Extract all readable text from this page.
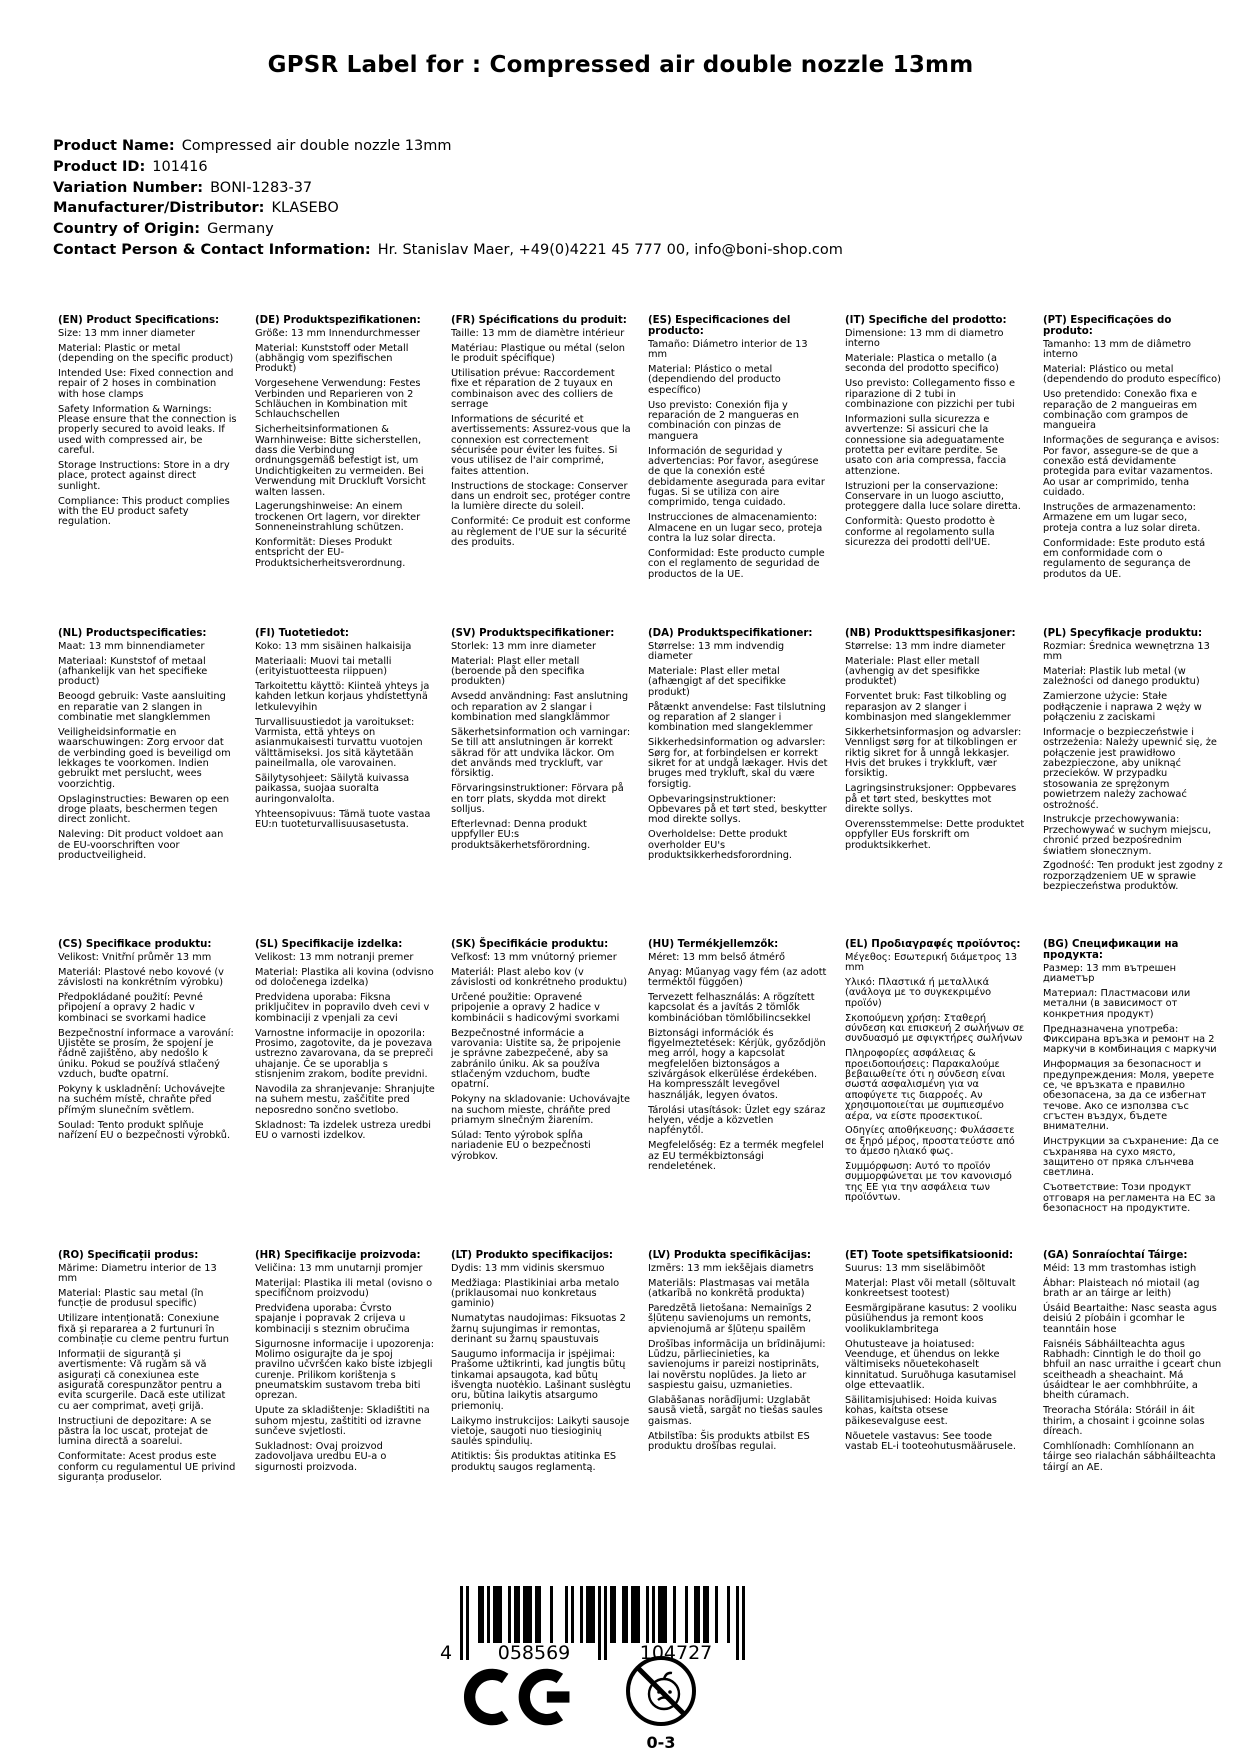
GPSR Label for : Compressed air double nozzle 13mm
Product Name: Compressed air double nozzle 13mm
Product ID: 101416
Variation Number: BONI-1283-37
Manufacturer/Distributor: KLASEBO
Country of Origin: Germany
Contact Person & Contact Information: Hr. Stanislav Maer, +49(0)4221 45 777 00, info@boni-shop.com
(EN) Product Specifications:
Size: 13 mm inner diameter
Material: Plastic or metal (depending on the specific product)
Intended Use: Fixed connection and repair of 2 hoses in combination with hose clamps
Safety Information & Warnings: Please ensure that the connection is properly secured to avoid leaks. If used with compressed air, be careful.
Storage Instructions: Store in a dry place, protect against direct sunlight.
Compliance: This product complies with the EU product safety regulation.
(DE) Produktspezifikationen:
Größe: 13 mm Innendurchmesser
Material: Kunststoff oder Metall (abhängig vom spezifischen Produkt)
Vorgesehene Verwendung: Festes Verbinden und Reparieren von 2 Schläuchen in Kombination mit Schlauchschellen
Sicherheitsinformationen & Warnhinweise: Bitte sicherstellen, dass die Verbindung ordnungsgemäß befestigt ist, um Undichtigkeiten zu vermeiden. Bei Verwendung mit Druckluft Vorsicht walten lassen.
Lagerungshinweise: An einem trockenen Ort lagern, vor direkter Sonneneinstrahlung schützen.
Konformität: Dieses Produkt entspricht der EU-Produktsicherheitsverordnung.
(FR) Spécifications du produit:
Taille: 13 mm de diamètre intérieur
Matériau: Plastique ou métal (selon le produit spécifique)
Utilisation prévue: Raccordement fixe et réparation de 2 tuyaux en combinaison avec des colliers de serrage
Informations de sécurité et avertissements: Assurez-vous que la connexion est correctement sécurisée pour éviter les fuites. Si vous utilisez de l'air comprimé, faites attention.
Instructions de stockage: Conserver dans un endroit sec, protéger contre la lumière directe du soleil.
Conformité: Ce produit est conforme au règlement de l'UE sur la sécurité des produits.
(ES) Especificaciones del producto:
Tamaño: Diámetro interior de 13 mm
Material: Plástico o metal (dependiendo del producto específico)
Uso previsto: Conexión fija y reparación de 2 mangueras en combinación con pinzas de manguera
Información de seguridad y advertencias: Por favor, asegúrese de que la conexión esté debidamente asegurada para evitar fugas. Si se utiliza con aire comprimido, tenga cuidado.
Instrucciones de almacenamiento: Almacene en un lugar seco, proteja contra la luz solar directa.
Conformidad: Este producto cumple con el reglamento de seguridad de productos de la UE.
(IT) Specifiche del prodotto:
Dimensione: 13 mm di diametro interno
Materiale: Plastica o metallo (a seconda del prodotto specifico)
Uso previsto: Collegamento fisso e riparazione di 2 tubi in combinazione con pizzichi per tubi
Informazioni sulla sicurezza e avvertenze: Si assicuri che la connessione sia adeguatamente protetta per evitare perdite. Se usato con aria compressa, faccia attenzione.
Istruzioni per la conservazione: Conservare in un luogo asciutto, proteggere dalla luce solare diretta.
Conformità: Questo prodotto è conforme al regolamento sulla sicurezza dei prodotti dell'UE.
(PT) Especificações do produto:
Tamanho: 13 mm de diâmetro interno
Material: Plástico ou metal (dependendo do produto específico)
Uso pretendido: Conexão fixa e reparação de 2 mangueiras em combinação com grampos de mangueira
Informações de segurança e avisos: Por favor, assegure-se de que a conexão está devidamente protegida para evitar vazamentos. Ao usar ar comprimido, tenha cuidado.
Instruções de armazenamento: Armazene em um lugar seco, proteja contra a luz solar direta.
Conformidade: Este produto está em conformidade com o regulamento de segurança de produtos da UE.
(NL) Productspecificaties:
Maat: 13 mm binnendiameter
Materiaal: Kunststof of metaal (afhankelijk van het specifieke product)
Beoogd gebruik: Vaste aansluiting en reparatie van 2 slangen in combinatie met slangklemmen
Veiligheidsinformatie en waarschuwingen: Zorg ervoor dat de verbinding goed is beveiligd om lekkages te voorkomen. Indien gebruikt met perslucht, wees voorzichtig.
Opslaginstructies: Bewaren op een droge plaats, beschermen tegen direct zonlicht.
Naleving: Dit product voldoet aan de EU-voorschriften voor productveiligheid.
(FI) Tuotetiedot:
Koko: 13 mm sisäinen halkaisija
Materiaali: Muovi tai metalli (erityistuotteesta riippuen)
Tarkoitettu käyttö: Kiinteä yhteys ja kahden letkun korjaus yhdistettynä letkulevyihin
Turvallisuustiedot ja varoitukset: Varmista, että yhteys on asianmukaisesti turvattu vuotojen välttämiseksi. Jos sitä käytetään paineilmalla, ole varovainen.
Säilytysohjeet: Säilytä kuivassa paikassa, suojaa suoralta auringonvalolta.
Yhteensopivuus: Tämä tuote vastaa EU:n tuoteturvallisuusasetusta.
(SV) Produktspecifikationer:
Storlek: 13 mm inre diameter
Material: Plast eller metall (beroende på den specifika produkten)
Avsedd användning: Fast anslutning och reparation av 2 slangar i kombination med slangklämmor
Säkerhetsinformation och varningar: Se till att anslutningen är korrekt säkrad för att undvika läckor. Om det används med tryckluft, var försiktig.
Förvaringsinstruktioner: Förvara på en torr plats, skydda mot direkt solljus.
Efterlevnad: Denna produkt uppfyller EU:s produktsäkerhetsförordning.
(DA) Produktspecifikationer:
Størrelse: 13 mm indvendig diameter
Materiale: Plast eller metal (afhængigt af det specifikke produkt)
Påtænkt anvendelse: Fast tilslutning og reparation af 2 slanger i kombination med slangeklemmer
Sikkerhedsinformation og advarsler: Sørg for, at forbindelsen er korrekt sikret for at undgå lækager. Hvis det bruges med trykluft, skal du være forsigtig.
Opbevaringsinstruktioner: Opbevares på et tørt sted, beskytter mod direkte sollys.
Overholdelse: Dette produkt overholder EU's produktsikkerhedsforordning.
(NB) Produkttspesifikasjoner:
Størrelse: 13 mm indre diameter
Materiale: Plast eller metall (avhengig av det spesifikke produktet)
Forventet bruk: Fast tilkobling og reparasjon av 2 slanger i kombinasjon med slangeklemmer
Sikkerhetsinformasjon og advarsler: Vennligst sørg for at tilkoblingen er riktig sikret for å unngå lekkasjer. Hvis det brukes i trykkluft, vær forsiktig.
Lagringsinstruksjoner: Oppbevares på et tørt sted, beskyttes mot direkte sollys.
Overensstemmelse: Dette produktet oppfyller EUs forskrift om produktsikkerhet.
(PL) Specyfikacje produktu:
Rozmiar: Średnica wewnętrzna 13 mm
Materiał: Plastik lub metal (w zależności od danego produktu)
Zamierzone użycie: Stałe podłączenie i naprawa 2 węży w połączeniu z zaciskami
Informacje o bezpieczeństwie i ostrzeżenia: Należy upewnić się, że połączenie jest prawidłowo zabezpieczone, aby uniknąć przecieków. W przypadku stosowania ze sprężonym powietrzem należy zachować ostrożność.
Instrukcje przechowywania: Przechowywać w suchym miejscu, chronić przed bezpośrednim światłem słonecznym.
Zgodność: Ten produkt jest zgodny z rozporządzeniem UE w sprawie bezpieczeństwa produktów.
(CS) Specifikace produktu:
Velikost: Vnitřní průměr 13 mm
Materiál: Plastové nebo kovové (v závislosti na konkrétním výrobku)
Předpokládané použití: Pevné připojení a opravy 2 hadic v kombinaci se svorkami hadice
Bezpečnostní informace a varování: Ujistěte se prosím, že spojení je řádně zajištěno, aby nedošlo k úniku. Pokud se používá stlačený vzduch, buďte opatrní.
Pokyny k uskladnění: Uchovávejte na suchém místě, chraňte před přímým slunečním světlem.
Soulad: Tento produkt splňuje nařízení EU o bezpečnosti výrobků.
(SL) Specifikacije izdelka:
Velikost: 13 mm notranji premer
Material: Plastika ali kovina (odvisno od določenega izdelka)
Predvidena uporaba: Fiksna priključitev in popravilo dveh cevi v kombinaciji z vpenjali za cevi
Varnostne informacije in opozorila: Prosimo, zagotovite, da je povezava ustrezno zavarovana, da se prepreči uhajanje. Če se uporablja s stisnjenim zrakom, bodite previdni.
Navodila za shranjevanje: Shranjujte na suhem mestu, zaščitite pred neposredno sončno svetlobo.
Skladnost: Ta izdelek ustreza uredbi EU o varnosti izdelkov.
(SK) Špecifikácie produktu:
Veľkosť: 13 mm vnútorný priemer
Materiál: Plast alebo kov (v závislosti od konkrétneho produktu)
Určené použitie: Opravené pripojenie a opravy 2 hadice v kombinácii s hadicovými svorkami
Bezpečnostné informácie a varovania: Uistite sa, že pripojenie je správne zabezpečené, aby sa zabránilo úniku. Ak sa používa stlačeným vzduchom, buďte opatrní.
Pokyny na skladovanie: Uchovávajte na suchom mieste, chráňte pred priamym slnečným žiarením.
Súlad: Tento výrobok spĺňa nariadenie EÚ o bezpečnosti výrobkov.
(HU) Termékjellemzők:
Méret: 13 mm belső átmérő
Anyag: Műanyag vagy fém (az adott terméktől függően)
Tervezett felhasználás: A rögzített kapcsolat és a javítás 2 tömlők kombinációban tömlőbilincsekkel
Biztonsági információk és figyelmeztetések: Kérjük, győződjön meg arról, hogy a kapcsolat megfelelően biztonságos a szivárgások elkerülése érdekében. Ha kompresszált levegővel használják, legyen óvatos.
Tárolási utasítások: Üzlet egy száraz helyen, védje a közvetlen napfénytől.
Megfelelőség: Ez a termék megfelel az EU termékbiztonsági rendeletének.
(EL) Προδιαγραφές προϊόντος:
Μέγεθος: Εσωτερική διάμετρος 13 mm
Υλικό: Πλαστικά ή μεταλλικά (ανάλογα με το συγκεκριμένο προϊόν)
Σκοπούμενη χρήση: Σταθερή σύνδεση και επισκευή 2 σωλήνων σε συνδυασμό με σφιγκτήρες σωλήνων
Πληροφορίες ασφάλειας & προειδοποιήσεις: Παρακαλούμε βεβαιωθείτε ότι η σύνδεση είναι σωστά ασφαλισμένη για να αποφύγετε τις διαρροές. Αν χρησιμοποιείται με συμπιεσμένο αέρα, να είστε προσεκτικοί.
Οδηγίες αποθήκευσης: Φυλάσσετε σε ξηρό μέρος, προστατεύστε από το άμεσο ηλιακό φως.
Συμμόρφωση: Αυτό το προϊόν συμμορφώνεται με τον κανονισμό της ΕΕ για την ασφάλεια των προϊόντων.
(BG) Спецификации на продукта:
Размер: 13 mm вътрешен диаметър
Материал: Пластмасови или метални (в зависимост от конкретния продукт)
Предназначена употреба: Фиксирана връзка и ремонт на 2 маркучи в комбинация с маркучи
Информация за безопасност и предупреждения: Моля, уверете се, че връзката е правилно обезопасена, за да се избегнат течове. Ако се използва със сгъстен въздух, бъдете внимателни.
Инструкции за съхранение: Да се съхранява на сухо място, защитено от пряка слънчева светлина.
Съответствие: Този продукт отговаря на регламента на ЕС за безопасност на продуктите.
(RO) Specificații produs:
Mărime: Diametru interior de 13 mm
Material: Plastic sau metal (în funcție de produsul specific)
Utilizare intenționată: Conexiune fixă și repararea a 2 furtunuri în combinație cu cleme pentru furtun
Informații de siguranță și avertismente: Vă rugăm să vă asigurați că conexiunea este asigurată corespunzător pentru a evita scurgerile. Dacă este utilizat cu aer comprimat, aveți grijă.
Instrucțiuni de depozitare: A se păstra la loc uscat, protejat de lumina directă a soarelui.
Conformitate: Acest produs este conform cu regulamentul UE privind siguranța produselor.
(HR) Specifikacije proizvoda:
Veličina: 13 mm unutarnji promjer
Materijal: Plastika ili metal (ovisno o specifičnom proizvodu)
Predviđena uporaba: Čvrsto spajanje i popravak 2 crijeva u kombinaciji s steznim obručima
Sigurnosne informacije i upozorenja: Molimo osigurajte da je spoj pravilno učvršćen kako biste izbjegli curenje. Prilikom korištenja s pneumatskim sustavom treba biti oprezan.
Upute za skladištenje: Skladištiti na suhom mjestu, zaštititi od izravne sunčeve svjetlosti.
Sukladnost: Ovaj proizvod zadovoljava uredbu EU-a o sigurnosti proizvoda.
(LT) Produkto specifikacijos:
Dydis: 13 mm vidinis skersmuo
Medžiaga: Plastikiniai arba metalo (priklausomai nuo konkretaus gaminio)
Numatytas naudojimas: Fiksuotas 2 žarnų sujungimas ir remontas, derinant su žarnų spaustuvais
Saugumo informacija ir įspėjimai: Prašome užtikrinti, kad jungtis būtų tinkamai apsaugota, kad būtų išvengta nuotėkio. Lašinant suslėgtu oru, būtina laikytis atsargumo priemonių.
Laikymo instrukcijos: Laikyti sausoje vietoje, saugoti nuo tiesioginių saulės spindulių.
Atitiktis: Šis produktas atitinka ES produktų saugos reglamentą.
(LV) Produkta specifikācijas:
Izmērs: 13 mm iekšējais diametrs
Materiāls: Plastmasas vai metāla (atkarībā no konkrētā produkta)
Paredzētā lietošana: Nemainīgs 2 šļūteņu savienojums un remonts, apvienojumā ar šļūteņu spailēm
Drošības informācija un brīdinājumi: Lūdzu, pārliecinieties, ka savienojums ir pareizi nostiprināts, lai novērstu noplūdes. Ja lieto ar saspiestu gaisu, uzmanieties.
Glabāšanas norādījumi: Uzglabāt sausā vietā, sargāt no tiešas saules gaismas.
Atbilstība: Šis produkts atbilst ES produktu drošības regulai.
(ET) Toote spetsifikatsioonid:
Suurus: 13 mm siseläbimõõt
Materjal: Plast või metall (sõltuvalt konkreetsest tootest)
Eesmärgipärane kasutus: 2 vooliku püsiühendus ja remont koos voolikuklambritega
Ohutusteave ja hoiatused: Veenduge, et ühendus on lekke vältimiseks nõuetekohaselt kinnitatud. Suruõhuga kasutamisel olge ettevaatlik.
Säilitamisjuhised: Hoida kuivas kohas, kaitsta otsese päikesevalguse eest.
Nõuetele vastavus: See toode vastab EL-i tooteohutusmäärusele.
(GA) Sonraíochtaí Táirge:
Méid: 13 mm trastomhas istigh
Ábhar: Plaisteach nó miotail (ag brath ar an táirge ar leith)
Úsáid Beartaithe: Nasc seasta agus deisiú 2 píobáin i gcomhar le teanntáin hose
Faisnéis Sábháilteachta agus Rabhadh: Cinntigh le do thoil go bhfuil an nasc urraithe i gceart chun sceitheadh a sheachaint. Má úsáidtear le aer comhbhrúite, a bheith cúramach.
Treoracha Stórála: Stóráil in áit thirim, a chosaint i gcoinne solas díreach.
Comhlíonadh: Comhlíonann an táirge seo rialachán sábháilteachta táirgí an AE.
4	058569	104727
0-3
